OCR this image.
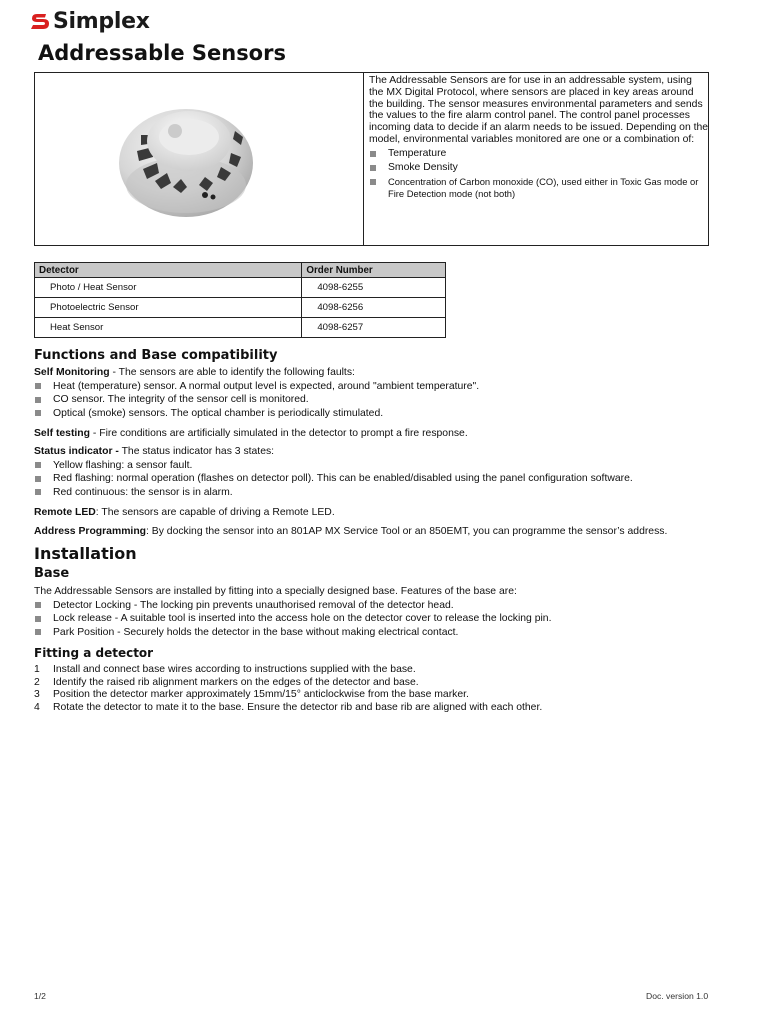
Simplex
Addressable Sensors
The Addressable Sensors are for use in an addressable system, using the MX Digital Protocol, where sensors are placed in key areas around the building. The sensor measures environmental parameters and sends the values to the fire alarm control panel. The control panel processes incoming data to decide if an alarm needs to be issued. Depending on the model, environmental variables monitored are one or a combination of:
Temperature
Smoke Density
Concentration of Carbon monoxide (CO), used either in Toxic Gas mode or Fire Detection mode (not both)
Detector	Order Number
Photo / Heat Sensor	4098-6255
Photoelectric Sensor	4098-6256
Heat Sensor	4098-6257
Functions and Base compatibility
Self Monitoring - The sensors are able to identify the following faults:
Heat (temperature) sensor. A normal output level is expected, around "ambient temperature".
CO sensor. The integrity of the sensor cell is monitored.
Optical (smoke) sensors. The optical chamber is periodically stimulated.
Self testing - Fire conditions are artificially simulated in the detector to prompt a fire response.
Status indicator - The status indicator has 3 states:
Yellow flashing: a sensor fault.
Red flashing: normal operation (flashes on detector poll). This can be enabled/disabled using the panel configuration software.
Red continuous: the sensor is in alarm.
Remote LED: The sensors are capable of driving a Remote LED.
Address Programming: By docking the sensor into an 801AP MX Service Tool or an 850EMT, you can programme the sensor’s address.
Installation
Base
The Addressable Sensors are installed by fitting into a specially designed base. Features of the base are:
Detector Locking - The locking pin prevents unauthorised removal of the detector head.
Lock release - A suitable tool is inserted into the access hole on the detector cover to release the locking pin.
Park Position - Securely holds the detector in the base without making electrical contact.
Fitting a detector
1	Install and connect base wires according to instructions supplied with the base.
2	Identify the raised rib alignment markers on the edges of the detector and base.
3	Position the detector marker approximately 15mm/15° anticlockwise from the base marker.
4	Rotate the detector to mate it to the base. Ensure the detector rib and base rib are aligned with each other.
1/2	Doc. version 1.0
